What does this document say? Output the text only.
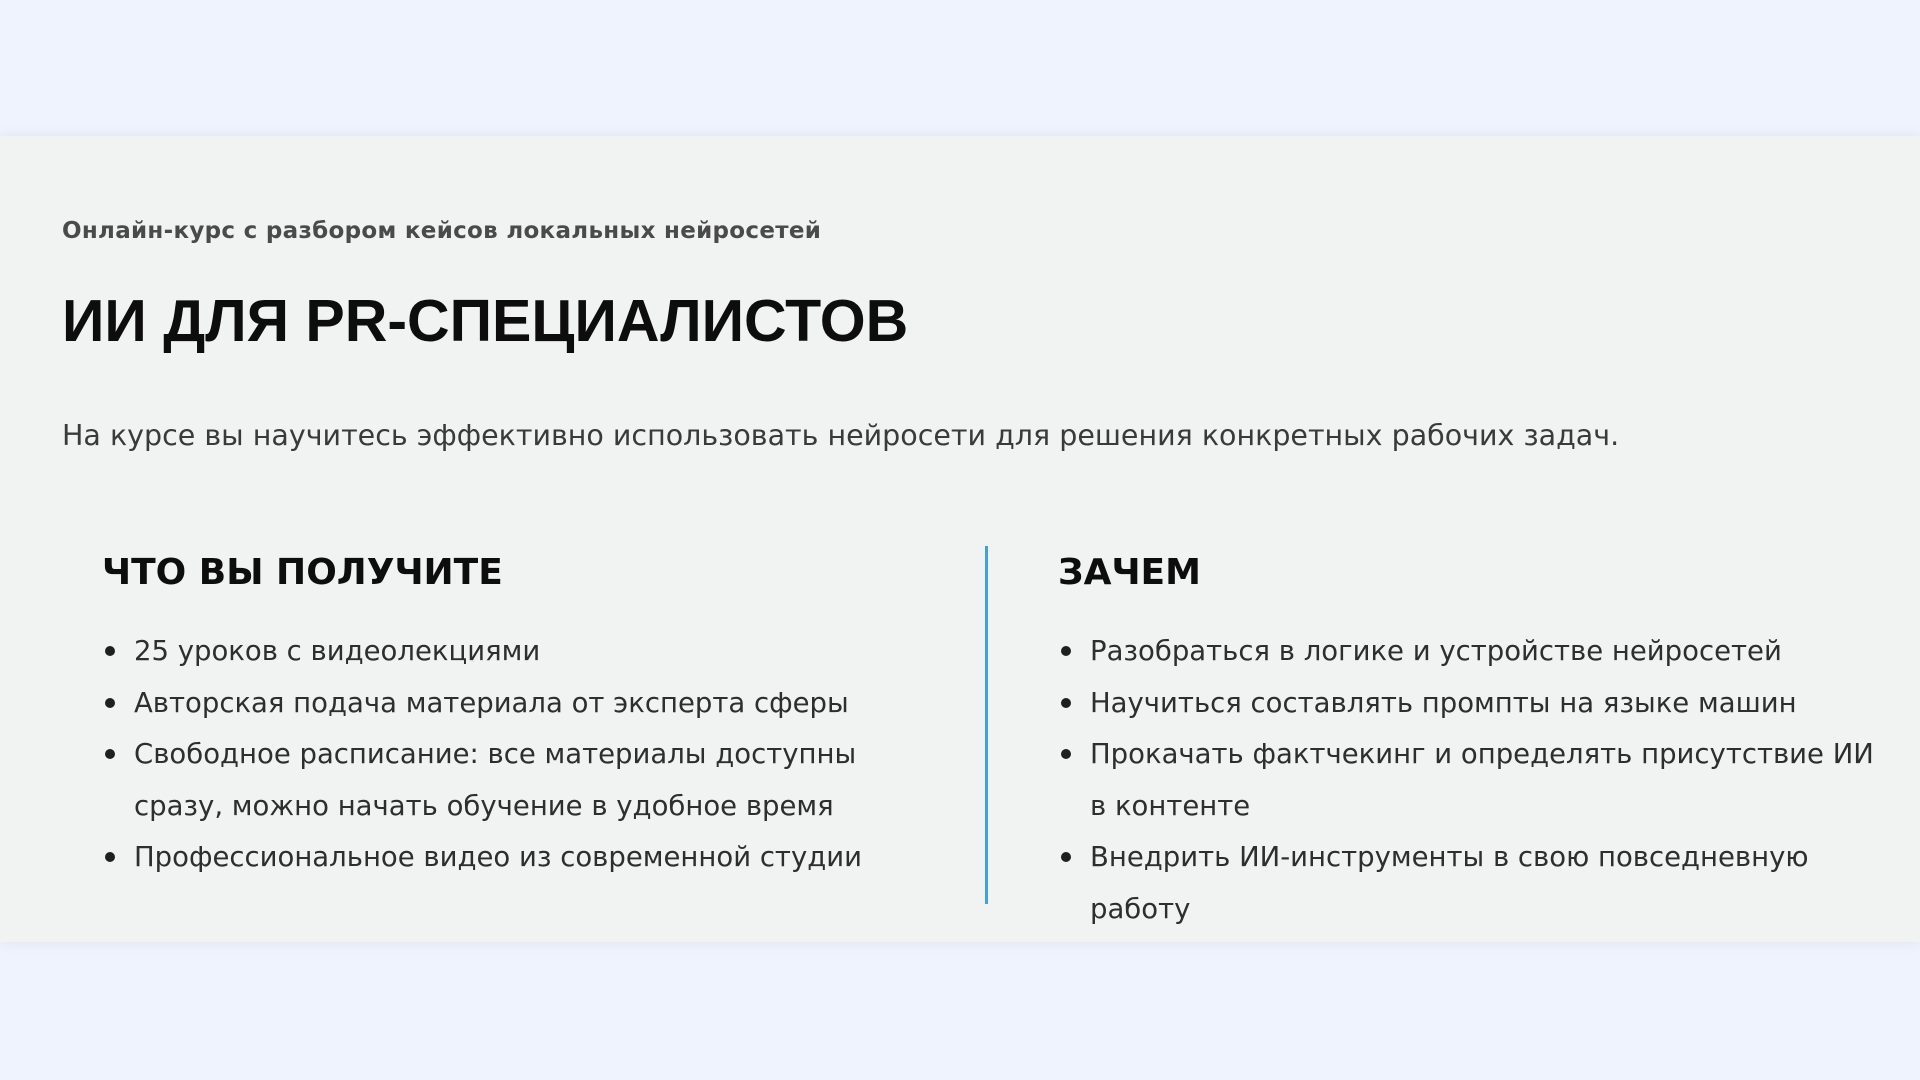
Онлайн-курс с разбором кейсов локальных нейросетей
ИИ ДЛЯ PR-СПЕЦИАЛИСТОВ

На курсе вы научитесь эффективно использовать нейросети для решения конкретных рабочих задач.

ЧТО ВЫ ПОЛУЧИТЕ
25 уроков с видеолекциями
Авторская подача материала от эксперта сферы
Свободное расписание: все материалы доступны сразу, можно начать обучение в удобное время
Профессиональное видео из современной студии
ЗАЧЕМ
Разобраться в логике и устройстве нейросетей
Научиться составлять промпты на языке машин
Прокачать фактчекинг и определять присутствие ИИ в контенте
Внедрить ИИ-инструменты в свою повседневную работу
